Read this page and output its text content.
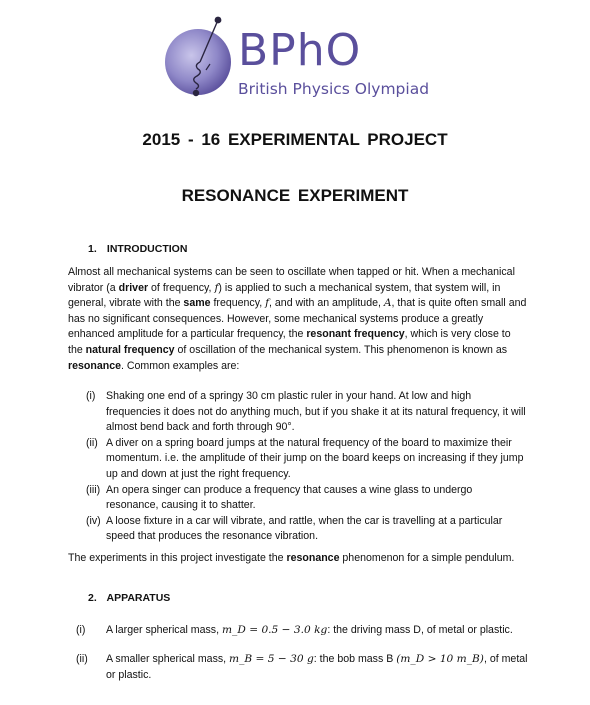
BPhO
British Physics Olympiad
2015 - 16 EXPERIMENTAL PROJECT
RESONANCE EXPERIMENT
1. INTRODUCTION
Almost all mechanical systems can be seen to oscillate when tapped or hit. When a mechanical vibrator (a driver of frequency, f) is applied to such a mechanical system, that system will, in general, vibrate with the same frequency, f, and with an amplitude, A, that is quite often small and has no significant consequences. However, some mechanical systems produce a greatly enhanced amplitude for a particular frequency, the resonant frequency, which is very close to the natural frequency of oscillation of the mechanical system. This phenomenon is known as resonance. Common examples are:
(i) Shaking one end of a springy 30 cm plastic ruler in your hand. At low and high frequencies it does not do anything much, but if you shake it at its natural frequency, it will almost bend back and forth through 90°.
(ii) A diver on a spring board jumps at the natural frequency of the board to maximize their momentum. i.e. the amplitude of their jump on the board keeps on increasing if they jump up and down at just the right frequency.
(iii) An opera singer can produce a frequency that causes a wine glass to undergo resonance, causing it to shatter.
(iv) A loose fixture in a car will vibrate, and rattle, when the car is travelling at a particular speed that produces the resonance vibration.
The experiments in this project investigate the resonance phenomenon for a simple pendulum.
2. APPARATUS
(i)	A larger spherical mass, m_D = 0.5 − 3.0 kg: the driving mass D, of metal or plastic.
(ii)	A smaller spherical mass, m_B = 5 − 30 g: the bob mass B (m_D > 10 m_B), of metal or plastic.
